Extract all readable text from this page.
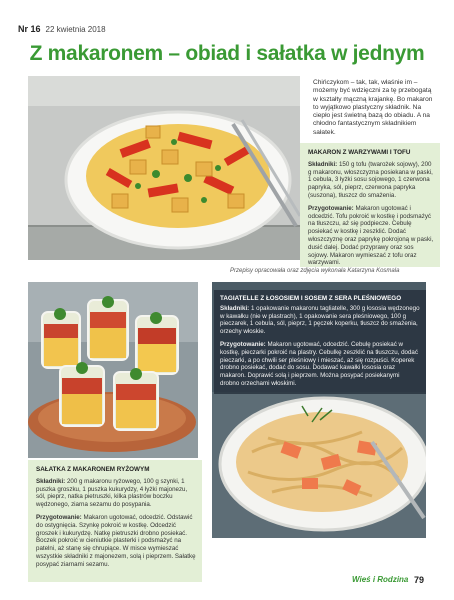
Nr 16 22 kwietnia 2018
Z makaronem – obiad i sałatka w jednym
Chińczykom – tak, tak, właśnie im – możemy być wdzięczni za tę przebogatą w kształty mączną krajankę. Bo makaron to wyjątkowo plastyczny składnik. Na ciepło jest świetną bazą do obiadu. A na chłodno fantastycznym składnikiem sałatek.
MAKARON Z WARZYWAMI I TOFU

Składniki: 150 g tofu (twarożek sojowy), 200 g makaronu, włoszczyzna posiekana w paski, 1 cebula, 3 łyżki sosu sojowego, 1 czerwona papryka, sól, pieprz, czerwona papryka (suszona), tłuszcz do smażenia.

Przygotowanie: Makaron ugotować i odcedzić. Tofu pokroić w kostkę i podsmażyć na tłuszczu, aż się podpiecze. Cebulę posiekać w kostkę i zeszklić. Dodać włoszczyznę oraz paprykę pokrojoną w paski, dusić dalej. Dodać przyprawy oraz sos sojowy. Makaron wymieszać z tofu oraz warzywami.

Przepisy opracowała oraz zdjęcia wykonała Katarzyna Kosmala
TAGIATELLE Z ŁOSOSIEM I SOSEM Z SERA PLEŚNIOWEGO

Składniki: 1 opakowanie makaronu tagliatelle, 300 g łososia wędzonego w kawałku (nie w plastrach), 1 opakowanie sera pleśniowego, 100 g pieczarek, 1 cebula, sól, pieprz, 1 pęczek koperku, tłuszcz do smażenia, orzechy włoskie.

Przygotowanie: Makaron ugotować, odcedzić. Cebulę posiekać w kostkę, pieczarki pokroić na plastry. Cebulkę zeszklić na tłuszczu, dodać pieczarki, a po chwili ser pleśniowy i mieszać, aż się rozpuści. Koperek drobno posiekać, dodać do sosu. Dodawać kawałki łososia oraz makaron. Doprawić solą i pieprzem. Można posypać posiekanymi drobno orzechami włoskimi.

SAŁATKA Z MAKARONEM RYŻOWYM

Składniki: 200 g makaronu ryżowego, 100 g szynki, 1 puszka groszku, 1 puszka kukurydzy, 4 łyżki majonezu, sól, pieprz, natka pietruszki, kilka plastrów boczku wędzonego, ziarna sezamu do posypania.

Przygotowanie: Makaron ugotować, odcedzić. Odstawić do ostygnięcia. Szynkę pokroić w kostkę. Odcedzić groszek i kukurydzę. Natkę pietruszki drobno posiekać. Boczek pokroić w cieniutkie plasterki i podsmażyć na patelni, aż stanę się chrupiące. W misce wymieszać wszystkie składniki z majonezem, solą i pieprzem. Sałatkę posypać ziarnami sezamu.

Wieś i Rodzina 79
